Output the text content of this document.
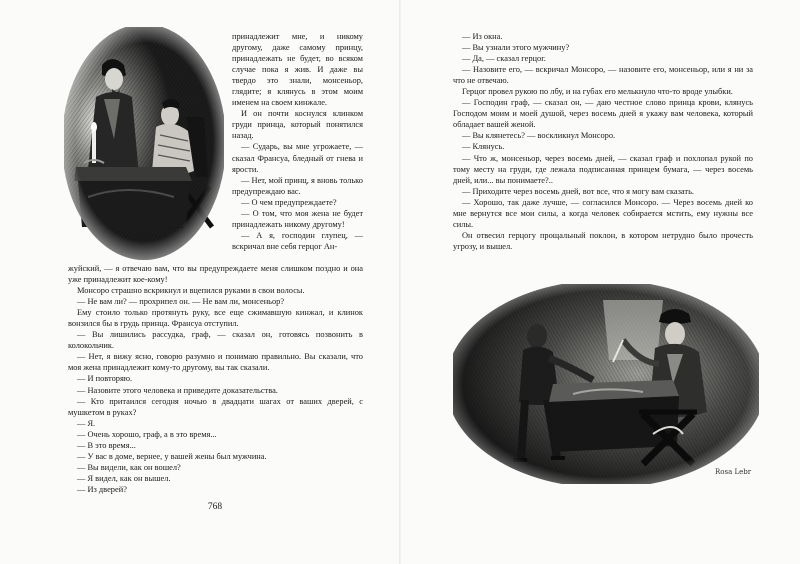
принадлежит мне, и никому другому, даже самому принцу, принадлежать не будет, во всяком случае пока я жив. И даже вы твердо это знали, монсеньор, глядите; я клянусь в этом моим именем на своем кинжале.

И он почти коснулся клинком груди принца, который понятился назад.

— Сударь, вы мне угрожаете, — сказал Франсуа, бледный от гнева и ярости.

— Нет, мой принц, я вновь только предупреждаю вас.

— О чем предупреждаете?

— О том, что моя жена не будет принадлежать никому другому!

— А я, господин глупец, — вскричал вне себя герцог Ан-

жуйский, — я отвечаю вам, что вы предупреждаете меня слишком поздно и она уже принадлежит кое-кому!

Монсоро страшно вскрикнул и вцепился руками в свои волосы.

— Не вам ли? — прохрипел он. — Не вам ли, монсеньор?

Ему стоило только протянуть руку, все еще сжимавшую кинжал, и клинок вонзился бы в грудь принца. Франсуа отступил.

— Вы лишились рассудка, граф, — сказал он, готовясь позвонить в колокольчик.

— Нет, я вижу ясно, говорю разумно и понимаю правильно. Вы сказали, что моя жена принадлежит кому-то другому, вы так сказали.

— И повторяю.

— Назовите этого человека и приведите доказательства.

— Кто притаился сегодня ночью в двадцати шагах от ваших дверей, с мушкетом в руках?

— Я.

— Очень хорошо, граф, а в это время...

— В это время...

— У вас в доме, вернее, у вашей жены был мужчина.

— Вы видели, как он вошел?

— Я видел, как он вышел.

— Из дверей?

768

— Из окна.

— Вы узнали этого мужчину?

— Да, — сказал герцог.

— Назовите его, — вскричал Монсоро, — назовите его, монсеньор, или я ни за что не отвечаю.

Герцог провел рукою по лбу, и на губах его мелькнуло что-то вроде улыбки.

— Господин граф, — сказал он, — даю честное слово принца крови, клянусь Господом моим и моей душой, через восемь дней я укажу вам человека, который обладает вашей женой.

— Вы клянетесь? — воскликнул Монсоро.

— Клянусь.

— Что ж, монсеньор, через восемь дней, — сказал граф и похлопал рукой по тому месту на груди, где лежала подписанная принцем бумага, — через восемь дней, или... вы понимаете?..

— Приходите через восемь дней, вот все, что я могу вам сказать.

— Хорошо, так даже лучше, — согласился Монсоро. — Через восемь дней ко мне вернутся все мои силы, а когда человек собирается мстить, ему нужны все силы.

Он отвесил герцогу прощальный поклон, в котором нетрудно было прочесть угрозу, и вышел.

Rosa Lebr
